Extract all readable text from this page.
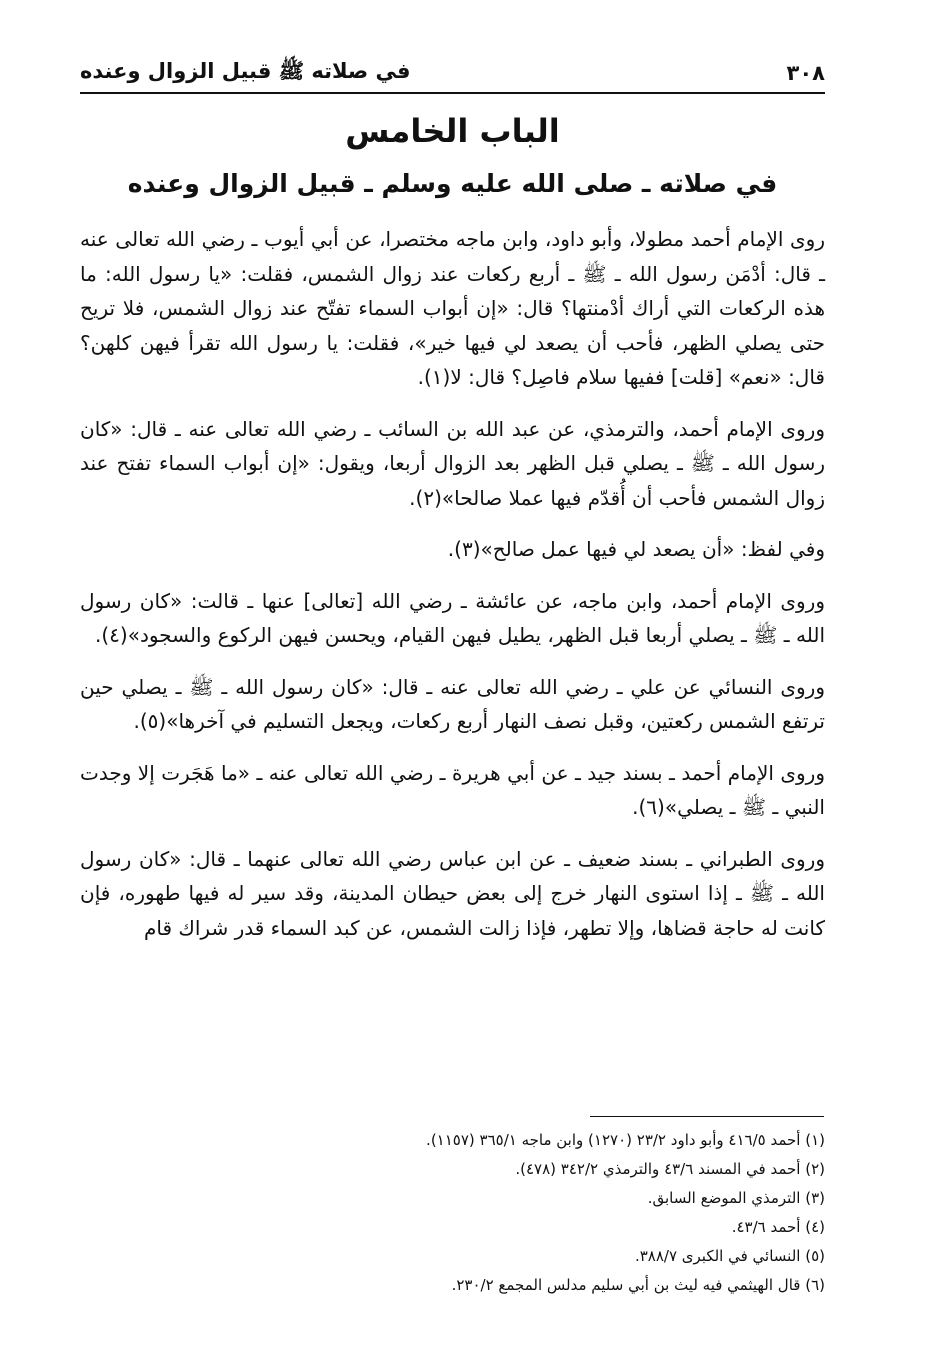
٣٠٨
في صلاته ﷺ قبيل الزوال وعنده
الباب الخامس
في صلاته ـ صلى الله عليه وسلم ـ قبيل الزوال وعنده

روى الإمام أحمد مطولا، وأبو داود، وابن ماجه مختصرا، عن أبي أيوب ـ رضي الله تعالى عنه ـ قال: أدْمَن رسول الله ـ ﷺ ـ أربع ركعات عند زوال الشمس، فقلت: «يا رسول الله: ما هذه الركعات التي أراك أدْمنتها؟ قال: «إن أبواب السماء تفتّح عند زوال الشمس، فلا تريح حتى يصلي الظهر، فأحب أن يصعد لي فيها خير»، فقلت: يا رسول الله تقرأ فيهن كلهن؟ قال: «نعم» [قلت] ففيها سلام فاصِل؟ قال: لا(١).

وروى الإمام أحمد، والترمذي، عن عبد الله بن السائب ـ رضي الله تعالى عنه ـ قال: «كان رسول الله ـ ﷺ ـ يصلي قبل الظهر بعد الزوال أربعا، ويقول: «إن أبواب السماء تفتح عند زوال الشمس فأحب أن أُقدّم فيها عملا صالحا»(٢).

وفي لفظ: «أن يصعد لي فيها عمل صالح»(٣).

وروى الإمام أحمد، وابن ماجه، عن عائشة ـ رضي الله [تعالى] عنها ـ قالت: «كان رسول الله ـ ﷺ ـ يصلي أربعا قبل الظهر، يطيل فيهن القيام، ويحسن فيهن الركوع والسجود»(٤).

وروى النسائي عن علي ـ رضي الله تعالى عنه ـ قال: «كان رسول الله ـ ﷺ ـ يصلي حين ترتفع الشمس ركعتين، وقبل نصف النهار أربع ركعات، ويجعل التسليم في آخرها»(٥).

وروى الإمام أحمد ـ بسند جيد ـ عن أبي هريرة ـ رضي الله تعالى عنه ـ «ما هَجَرت إلا وجدت النبي ـ ﷺ ـ يصلي»(٦).

وروى الطبراني ـ بسند ضعيف ـ عن ابن عباس رضي الله تعالى عنهما ـ قال: «كان رسول الله ـ ﷺ ـ إذا استوى النهار خرج إلى بعض حيطان المدينة، وقد سير له فيها طهوره، فإن كانت له حاجة قضاها، وإلا تطهر، فإذا زالت الشمس، عن كبد السماء قدر شراك قام

(١) أحمد ٤١٦/٥ وأبو داود ٢٣/٢ (١٢٧٠) وابن ماجه ٣٦٥/١ (١١٥٧).
(٢) أحمد في المسند ٤٣/٦ والترمذي ٣٤٢/٢ (٤٧٨).
(٣) الترمذي الموضع السابق.
(٤) أحمد ٤٣/٦.
(٥) النسائي في الكبرى ٣٨٨/٧.
(٦) قال الهيثمي فيه ليث بن أبي سليم مدلس المجمع ٢٣٠/٢.
